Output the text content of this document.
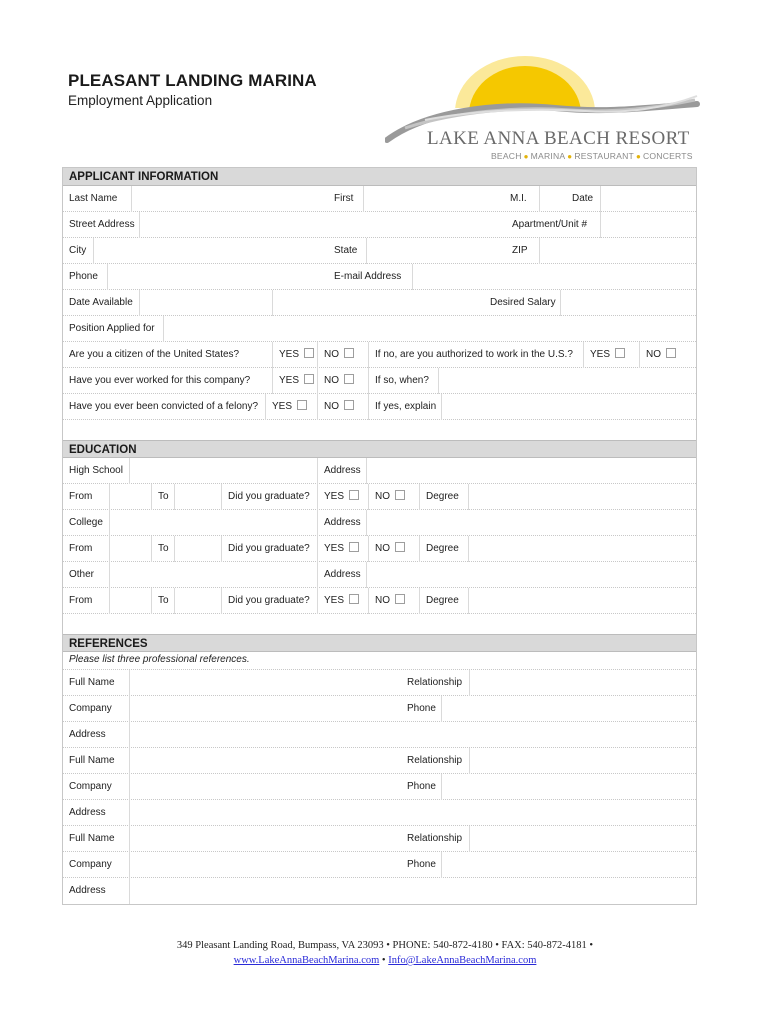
PLEASANT LANDING MARINA
Employment Application
LAKE ANNA BEACH RESORT
BEACH ● MARINA ● RESTAURANT ● CONCERTS
APPLICANT INFORMATION
Last Name	First	M.I.	Date
Street Address	Apartment/Unit #
City	State	ZIP
Phone	E-mail Address
Date Available	Desired Salary
Position Applied for
Are you a citizen of the United States?	YES	NO	If no, are you authorized to work in the U.S.?	YES	NO
Have you ever worked for this company?	YES	NO	If so, when?
Have you ever been convicted of a felony?	YES	NO	If yes, explain
EDUCATION
High School	Address
From	To	Did you graduate?	YES	NO	Degree
College	Address
From	To	Did you graduate?	YES	NO	Degree
Other	Address
From	To	Did you graduate?	YES	NO	Degree
REFERENCES
Please list three professional references.
Full Name	Relationship
Company	Phone
Address
Full Name	Relationship
Company	Phone
Address
Full Name	Relationship
Company	Phone
Address
349 Pleasant Landing Road, Bumpass, VA 23093 • PHONE: 540-872-4180 • FAX: 540-872-4181 •
www.LakeAnnaBeachMarina.com • Info@LakeAnnaBeachMarina.com
